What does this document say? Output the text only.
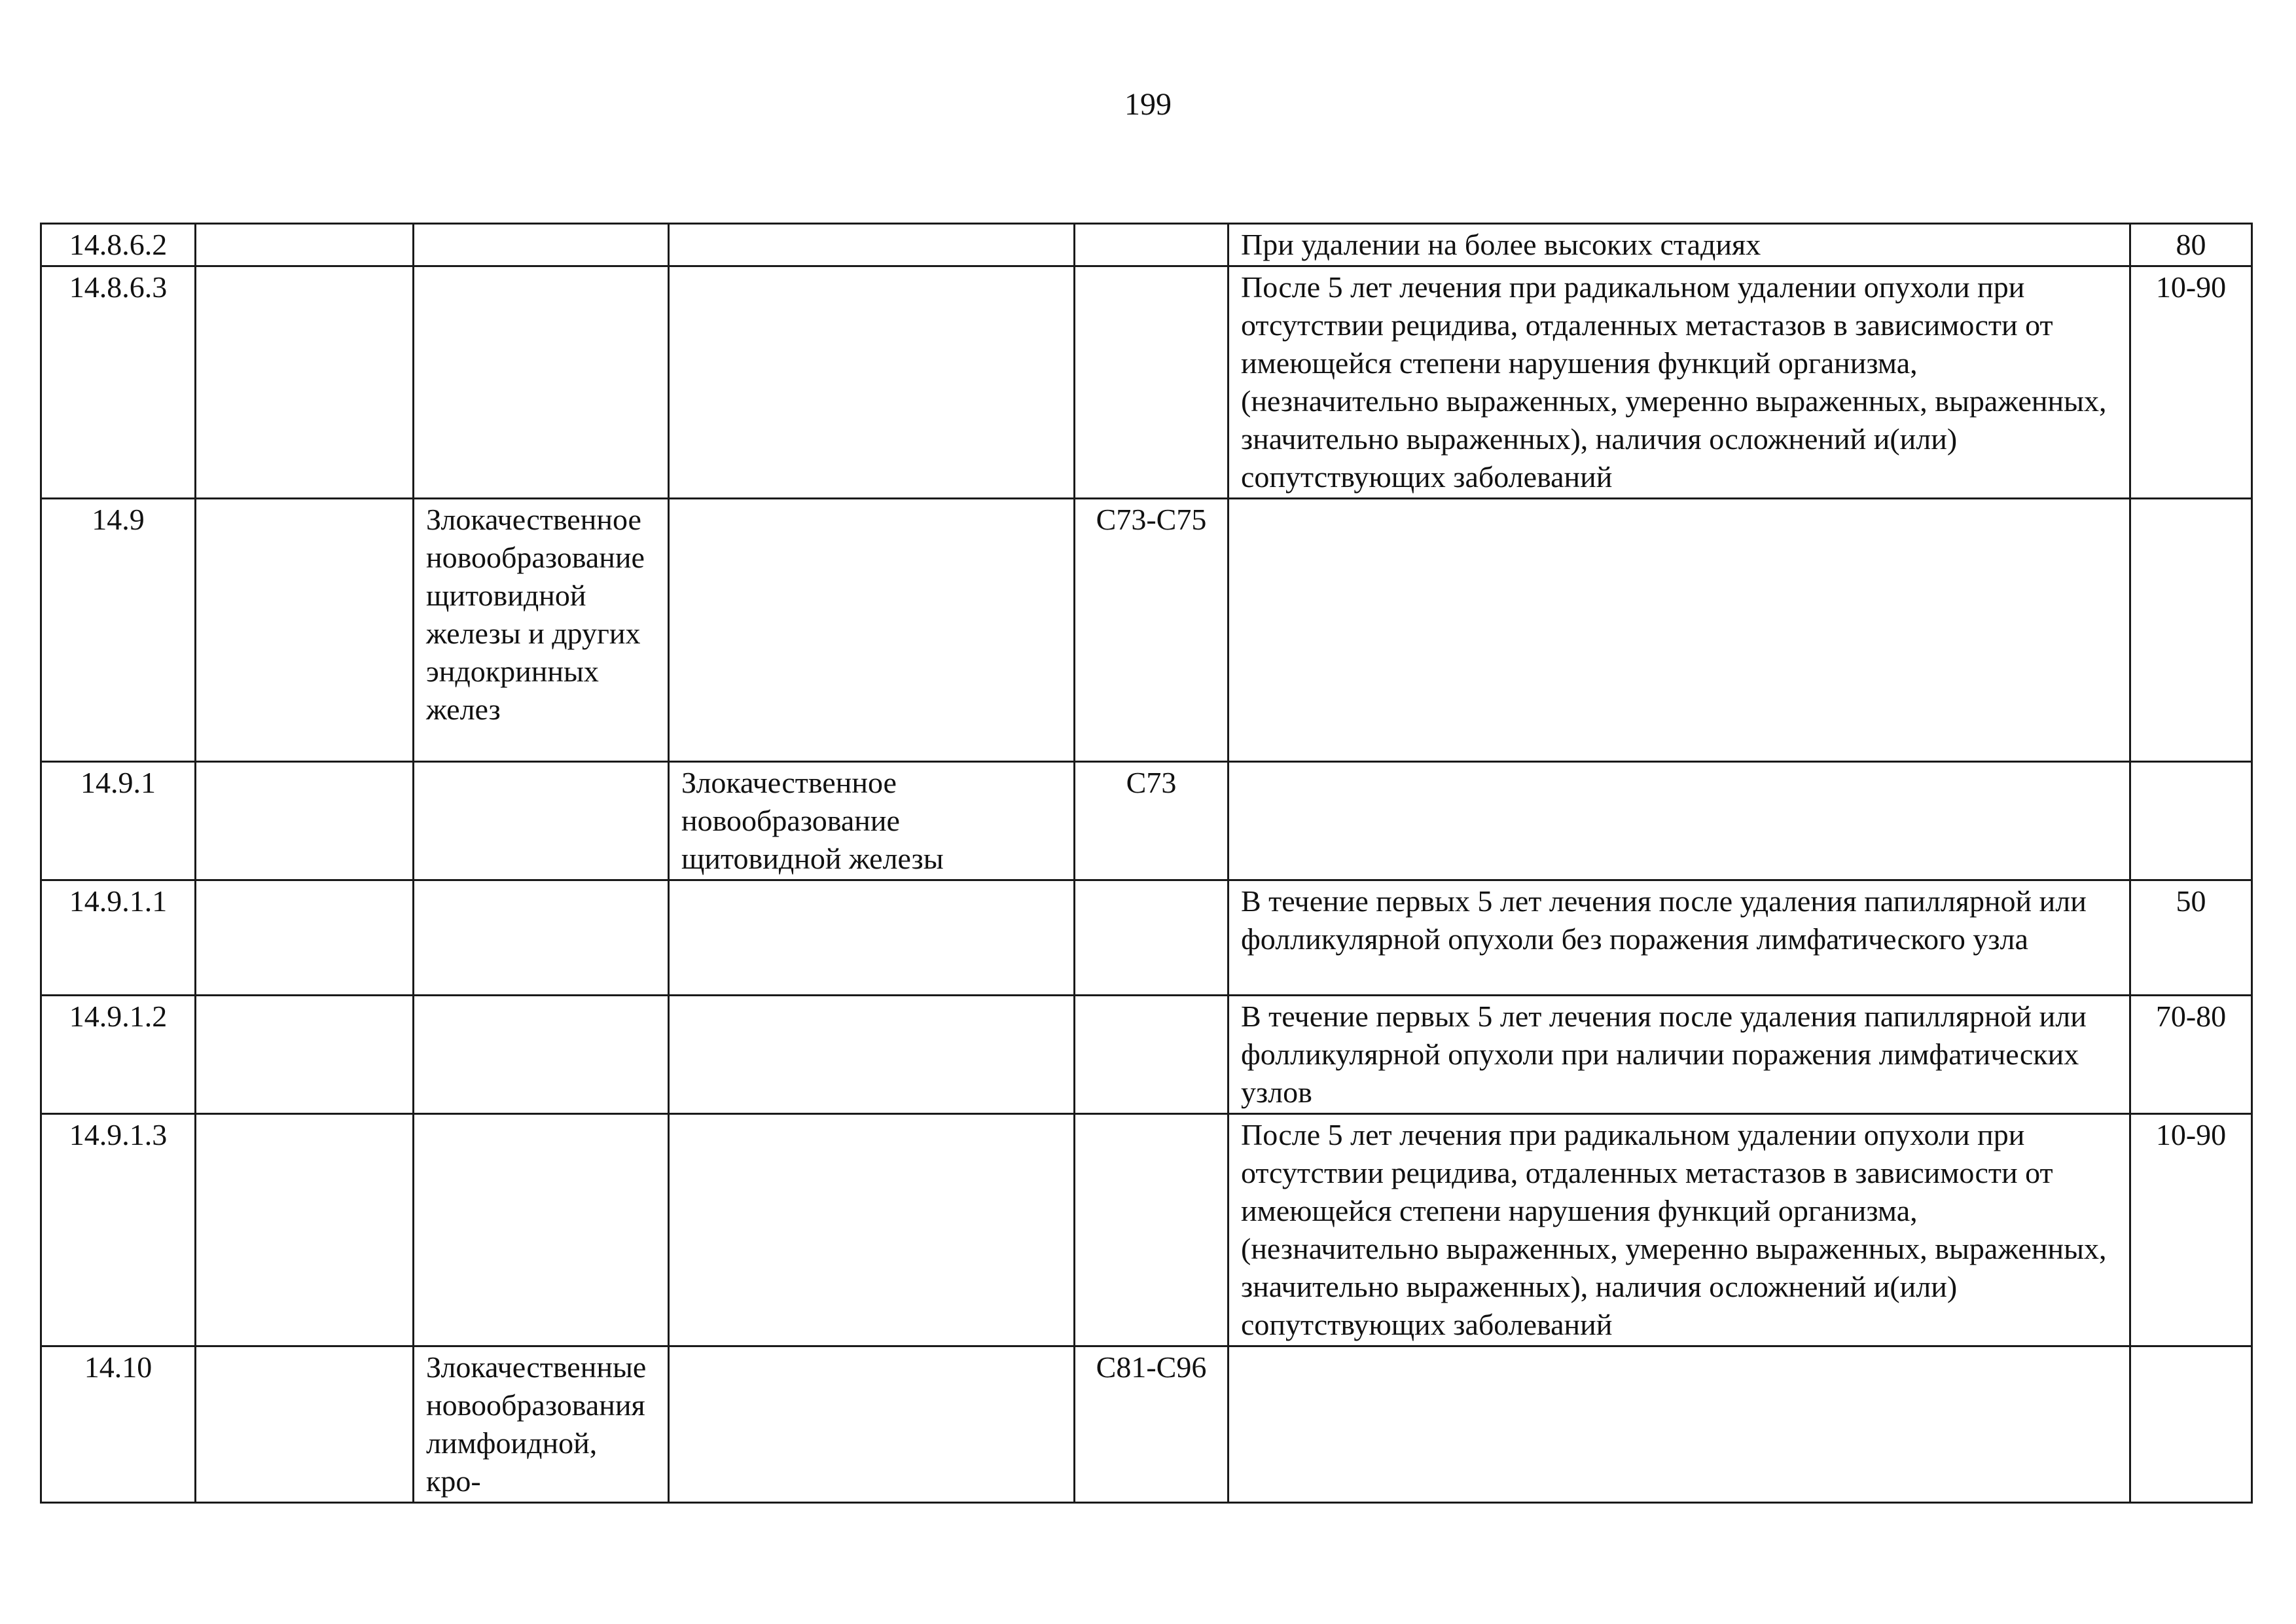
199
14.8.6.2					При удалении на более высоких стадиях	80
14.8.6.3					После 5 лет лечения при радикальном удалении опухоли при отсутствии рецидива, отдаленных метастазов в зависимости от имеющейся степени нарушения функций организма, (незначительно выраженных, умеренно выраженных, выраженных, значительно выраженных), наличия осложнений и(или) сопутствующих заболеваний	10-90
14.9		Злокачественное новообразование щитовидной железы и других эндокринных желез		C73-C75		
14.9.1			Злокачественное новообразование щитовидной железы	C73		
14.9.1.1					В течение первых 5 лет лечения после удаления папиллярной или фолликулярной опухоли без поражения лимфатического узла	50
14.9.1.2					В течение первых 5 лет лечения после удаления папиллярной или фолликулярной опухоли при наличии поражения лимфатических узлов	70-80
14.9.1.3					После 5 лет лечения при радикальном удалении опухоли при отсутствии рецидива, отдаленных метастазов в зависимости от имеющейся степени нарушения функций организма, (незначительно выраженных, умеренно выраженных, выраженных, значительно выраженных), наличия осложнений и(или) сопутствующих заболеваний	10-90
14.10		Злокачественные новообразования лимфоидной, кро-		C81-C96		
